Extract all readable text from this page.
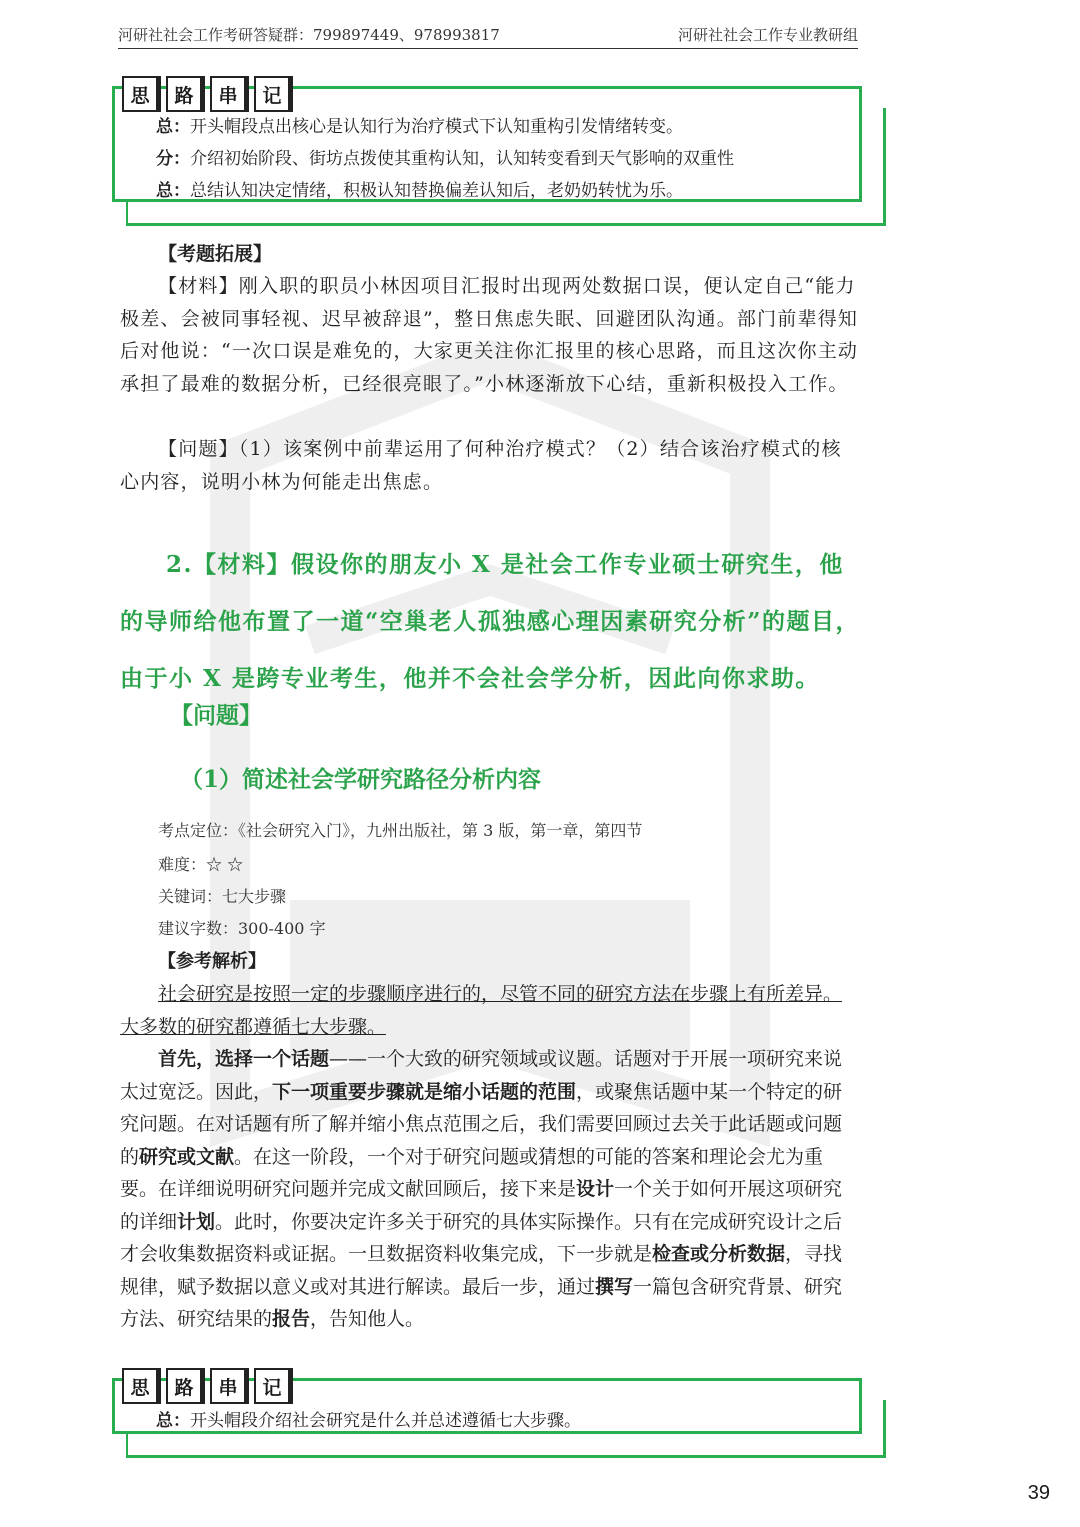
河研社社会工作考研答疑群：799897449、978993817	河研社社会工作专业教研组
思	路	串	记
总：开头帽段点出核心是认知行为治疗模式下认知重构引发情绪转变。
分：介绍初始阶段、街坊点拨使其重构认知，认知转变看到天气影响的双重性
总：总结认知决定情绪，积极认知替换偏差认知后，老奶奶转忧为乐。
【考题拓展】
【材料】刚入职的职员小林因项目汇报时出现两处数据口误，便认定自己“能力极差、会被同事轻视、迟早被辞退”，整日焦虑失眠、回避团队沟通。部门前辈得知后对他说：“一次口误是难免的，大家更关注你汇报里的核心思路，而且这次你主动承担了最难的数据分析，已经很亮眼了。”小林逐渐放下心结，重新积极投入工作。
【问题】（1）该案例中前辈运用了何种治疗模式？（2）结合该治疗模式的核心内容，说明小林为何能走出焦虑。
2.【材料】假设你的朋友小 X 是社会工作专业硕士研究生，他的导师给他布置了一道“空巢老人孤独感心理因素研究分析”的题目，由于小 X 是跨专业考生，他并不会社会学分析，因此向你求助。
【问题】
（1）简述社会学研究路径分析内容
考点定位：《社会研究入门》，九州出版社，第 3 版，第一章，第四节
难度：☆ ☆
关键词：七大步骤
建议字数：300-400 字
【参考解析】
社会研究是按照一定的步骤顺序进行的，尽管不同的研究方法在步骤上有所差异。大多数的研究都遵循七大步骤。
首先，选择一个话题——一个大致的研究领域或议题。话题对于开展一项研究来说太过宽泛。因此，下一项重要步骤就是缩小话题的范围，或聚焦话题中某一个特定的研究问题。在对话题有所了解并缩小焦点范围之后，我们需要回顾过去关于此话题或问题的研究或文献。在这一阶段，一个对于研究问题或猜想的可能的答案和理论会尤为重要。在详细说明研究问题并完成文献回顾后，接下来是设计一个关于如何开展这项研究的详细计划。此时，你要决定许多关于研究的具体实际操作。只有在完成研究设计之后才会收集数据资料或证据。一旦数据资料收集完成，下一步就是检查或分析数据，寻找规律，赋予数据以意义或对其进行解读。最后一步，通过撰写一篇包含研究背景、研究方法、研究结果的报告，告知他人。
思	路	串	记
总：开头帽段介绍社会研究是什么并总述遵循七大步骤。
39
